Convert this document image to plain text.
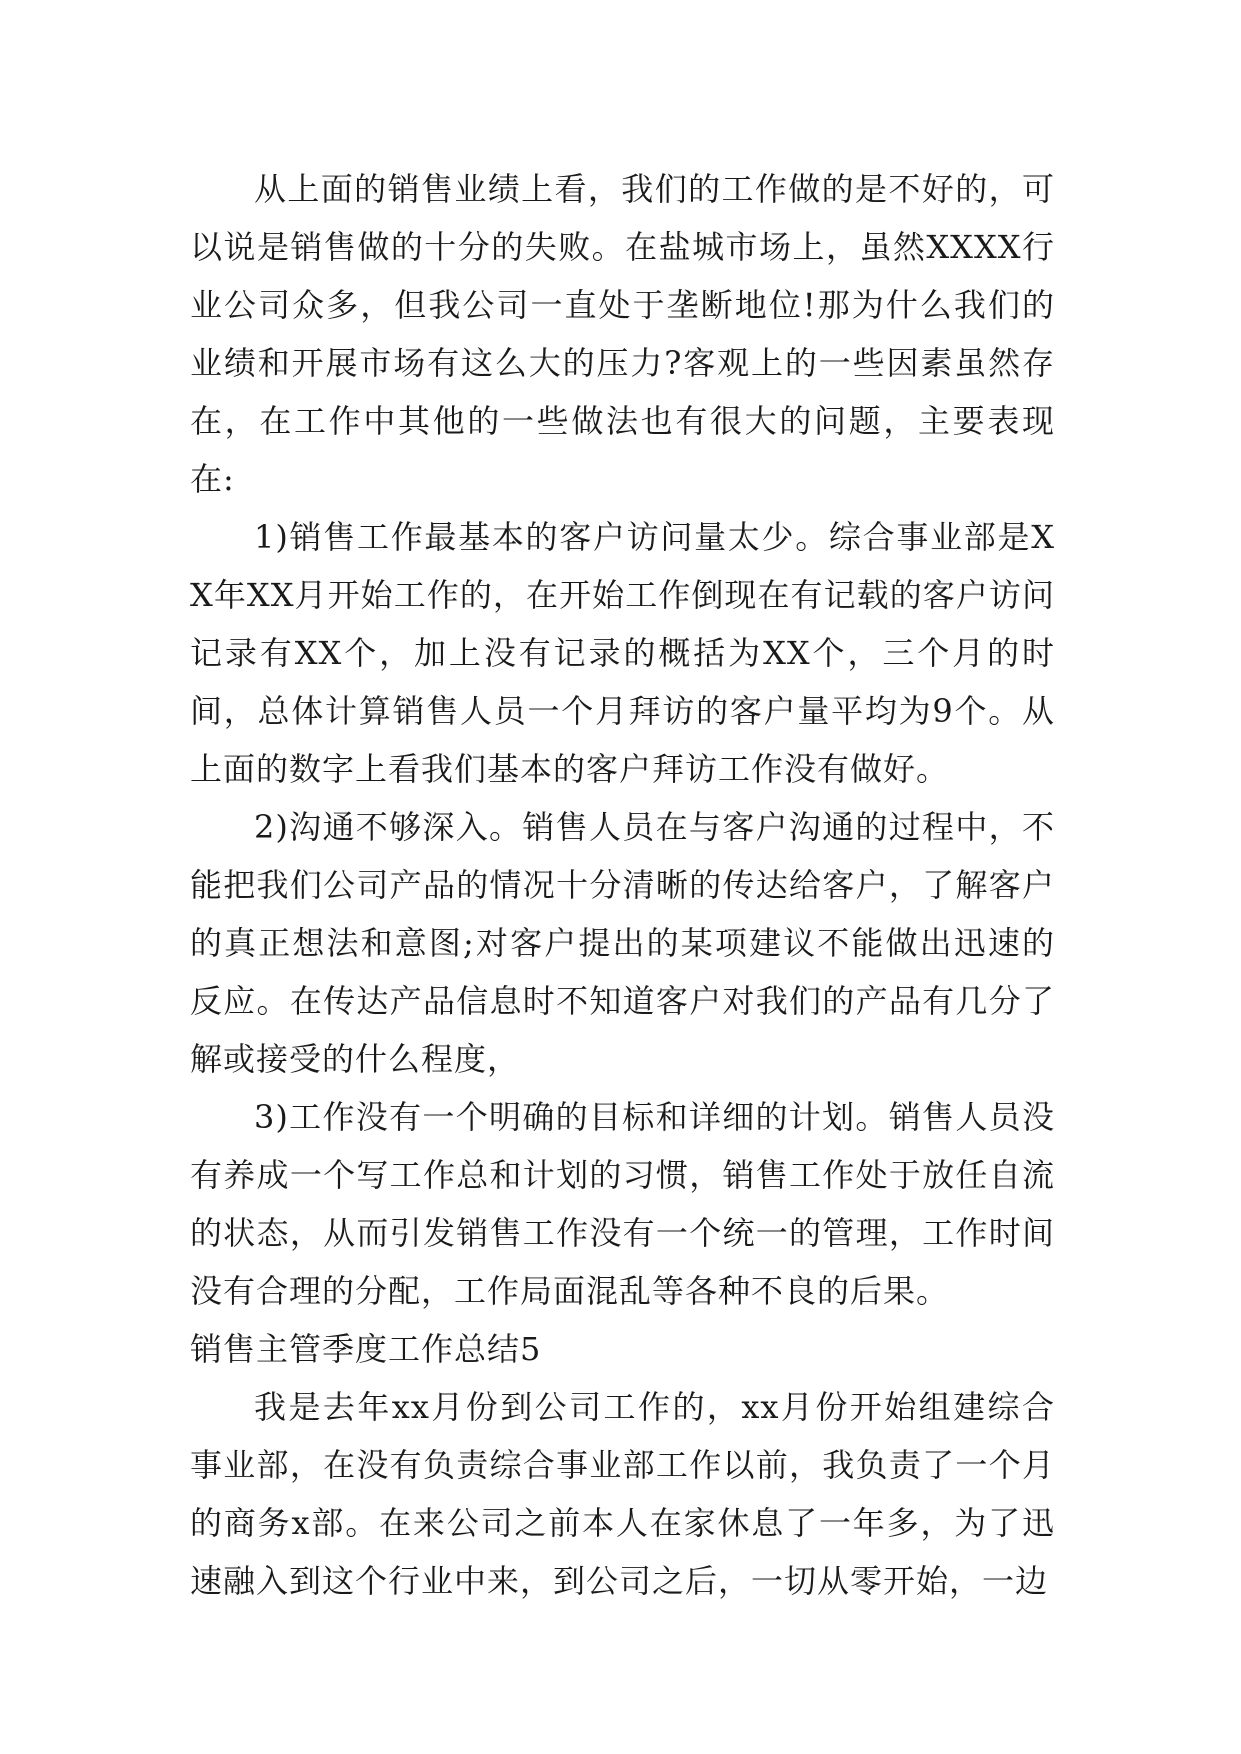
从上面的销售业绩上看，我们的工作做的是不好的，可以说是销售做的十分的失败。在盐城市场上，虽然XXXX行业公司众多，但我公司一直处于垄断地位!那为什么我们的业绩和开展市场有这么大的压力?客观上的一些因素虽然存在，在工作中其他的一些做法也有很大的问题，主要表现在:

1)销售工作最基本的客户访问量太少。综合事业部是XX年XX月开始工作的，在开始工作倒现在有记载的客户访问记录有XX个，加上没有记录的概括为XX个，三个月的时间，总体计算销售人员一个月拜访的客户量平均为9个。从上面的数字上看我们基本的客户拜访工作没有做好。

2)沟通不够深入。销售人员在与客户沟通的过程中，不能把我们公司产品的情况十分清晰的传达给客户，了解客户的真正想法和意图;对客户提出的某项建议不能做出迅速的反应。在传达产品信息时不知道客户对我们的产品有几分了解或接受的什么程度，

3)工作没有一个明确的目标和详细的计划。销售人员没有养成一个写工作总和计划的习惯，销售工作处于放任自流的状态，从而引发销售工作没有一个统一的管理，工作时间没有合理的分配，工作局面混乱等各种不良的后果。

销售主管季度工作总结5

我是去年xx月份到公司工作的，xx月份开始组建综合事业部，在没有负责综合事业部工作以前，我负责了一个月的商务x部。在来公司之前本人在家休息了一年多，为了迅速融入到这个行业中来，到公司之后，一切从零开始，一边
